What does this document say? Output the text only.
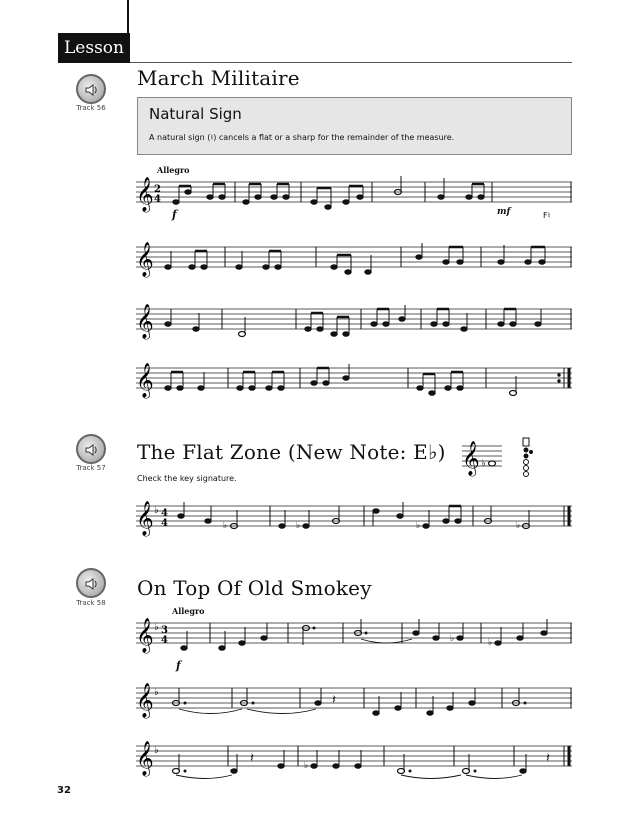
Lesson
Track 56
March Militaire
Natural Sign
A natural sign (♮) cancels a flat or a sharp for the remainder of the measure.
Allegro
𝄞 2
4
f	mf	F♮
𝄞
𝄞
𝄞
Track 57
The Flat Zone (New Note: E♭)
Check the key signature.
𝄞 ♭
𝄞 ♭ 4
4	♭	♭	♭	♭
Track 58
On Top Of Old Smokey
Allegro
𝄞 ♭ 3
4	♭	♭
f
𝄞 ♭
𝄽
𝄞 ♭
𝄽	♭	𝄽
32
